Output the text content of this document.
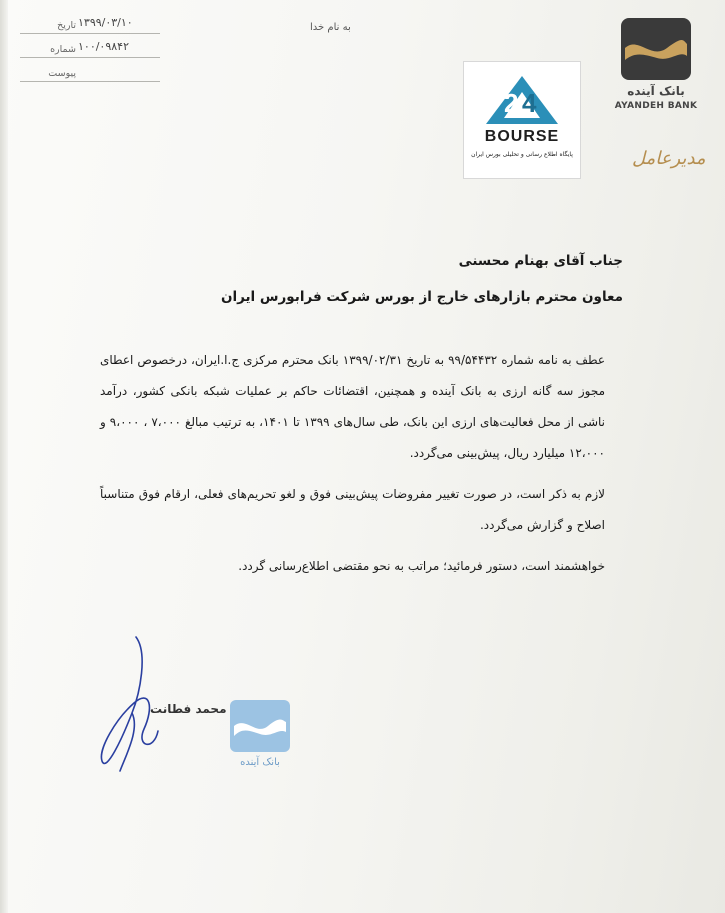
۱۳۹۹/۰۳/۱۰
تاریخ
۱۰۰/۰۹۸۴۲
شماره
پیوست
به نام خدا
بانک آینده
AYANDEH BANK
مدیرعامل
2 4
BOURSE
پایگاه اطلاع رسانی و تحلیلی بورس ایران
جناب آقای بهنام محسنی
معاون محترم بازارهای خارج از بورس شرکت فرابورس ایران

عطف به نامه شماره ۹۹/۵۴۴۳۲ به تاریخ ۱۳۹۹/۰۲/۳۱ بانک محترم مرکزی ج.ا.ایران، درخصوص اعطای مجوز سه گانه ارزی به بانک آینده و همچنین، اقتضائات حاکم بر عملیات شبکه بانکی کشور، درآمد ناشی از محل فعالیت‌های ارزی این بانک، طی سال‌های ۱۳۹۹ تا ۱۴۰۱، به ترتیب مبالغ ۷،۰۰۰ ، ۹،۰۰۰ و ۱۲،۰۰۰ میلیارد ریال، پیش‌بینی می‌گردد.

لازم به ذکر است، در صورت تغییر مفروضات پیش‌بینی فوق و لغو تحریم‌های فعلی، ارقام فوق متناسباً اصلاح و گزارش می‌گردد.

خواهشمند است، دستور فرمائید؛ مراتب به نحو مقتضی اطلاع‌رسانی گردد.

محمد فطانت
بانک آینده
